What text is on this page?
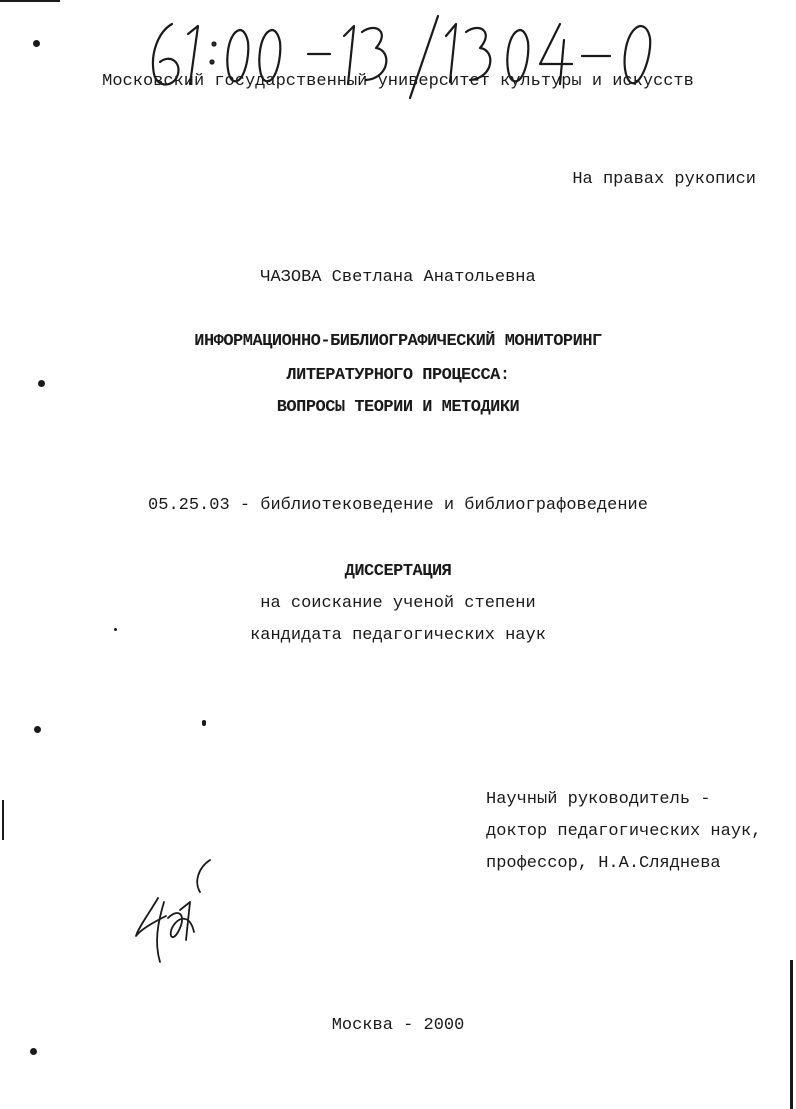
Московский государственный университет культуры и искусств
На правах рукописи
ЧАЗОВА Светлана Анатольевна
ИНФОРМАЦИОННО-БИБЛИОГРАФИЧЕСКИЙ МОНИТОРИНГ
ЛИТЕРАТУРНОГО ПРОЦЕССА:
ВОПРОСЫ ТЕОРИИ И МЕТОДИКИ
05.25.03 - библиотековедение и библиографоведение
ДИССЕРТАЦИЯ
на соискание ученой степени
кандидата педагогических наук
Научный руководитель -
доктор педагогических наук,
профессор, Н.А.Сляднева
Москва - 2000
